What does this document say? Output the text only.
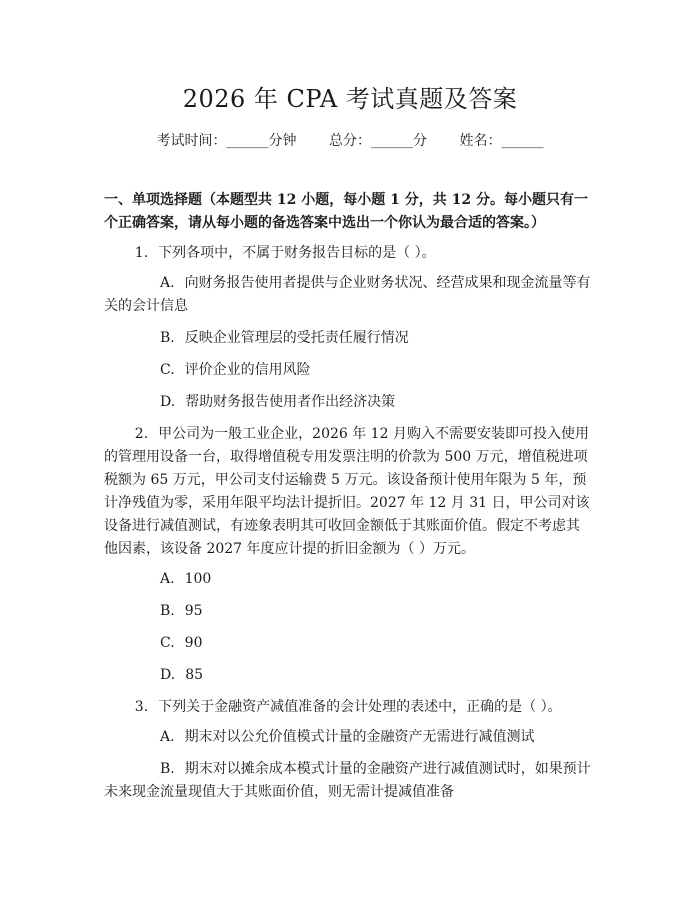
2026 年 CPA 考试真题及答案
考试时间：______分钟 总分：______分 姓名：______

一、单项选择题（本题型共 12 小题，每小题 1 分，共 12 分。每小题只有一个正确答案，请从每小题的备选答案中选出一个你认为最合适的答案。）

1. 下列各项中，不属于财务报告目标的是（ ）。

A. 向财务报告使用者提供与企业财务状况、经营成果和现金流量等有关的会计信息

B. 反映企业管理层的受托责任履行情况

C. 评价企业的信用风险

D. 帮助财务报告使用者作出经济决策

2. 甲公司为一般工业企业，2026 年 12 月购入不需要安装即可投入使用的管理用设备一台，取得增值税专用发票注明的价款为 500 万元，增值税进项税额为 65 万元，甲公司支付运输费 5 万元。该设备预计使用年限为 5 年，预计净残值为零，采用年限平均法计提折旧。2027 年 12 月 31 日，甲公司对该设备进行减值测试，有迹象表明其可收回金额低于其账面价值。假定不考虑其他因素，该设备 2027 年度应计提的折旧金额为（ ）万元。

A. 100

B. 95

C. 90

D. 85

3. 下列关于金融资产减值准备的会计处理的表述中，正确的是（ ）。

A. 期末对以公允价值模式计量的金融资产无需进行减值测试

B. 期末对以摊余成本模式计量的金融资产进行减值测试时，如果预计未来现金流量现值大于其账面价值，则无需计提减值准备
